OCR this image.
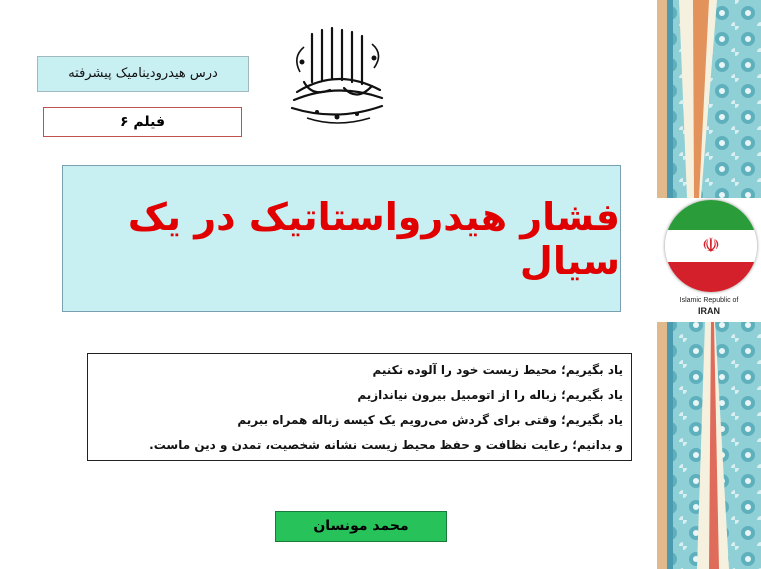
درس هیدرودینامیک پیشرفته
فیلم ۶
فشار هیدرواستاتیک در یک سیال
یاد بگیریم؛ محیط زیست خود را آلوده نکنیم
یاد بگیریم؛ زباله را از اتومبیل بیرون نیاندازیم
یاد بگیریم؛ وقتی برای گردش می‌رویم یک کیسه زباله همراه ببریم
و بدانیم؛ رعایت نظافت و حفظ محیط زیست نشانه شخصیت، تمدن و دین ماست.
محمد مونسان
☫
Islamic Republic of
IRAN
